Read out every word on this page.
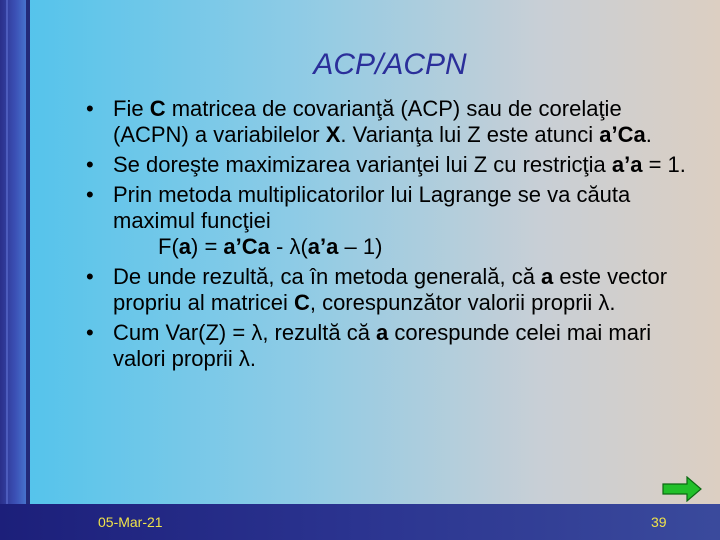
ACP/ACPN
• Fie C matricea de covarianţă (ACP) sau de corelaţie (ACPN) a variabilelor X. Varianţa lui Z este atunci a’Ca.
• Se doreşte maximizarea varianţei lui Z cu restricţia a’a = 1.
• Prin metoda multiplicatorilor lui Lagrange se va căuta maximul funcţiei
F(a) = a’Ca - λ(a’a – 1)
• De unde rezultă, ca în metoda generală, că a este vector propriu al matricei C, corespunzător valorii proprii λ.
• Cum Var(Z) = λ, rezultă că a corespunde celei mai mari valori proprii λ.
05-Mar-21	39
